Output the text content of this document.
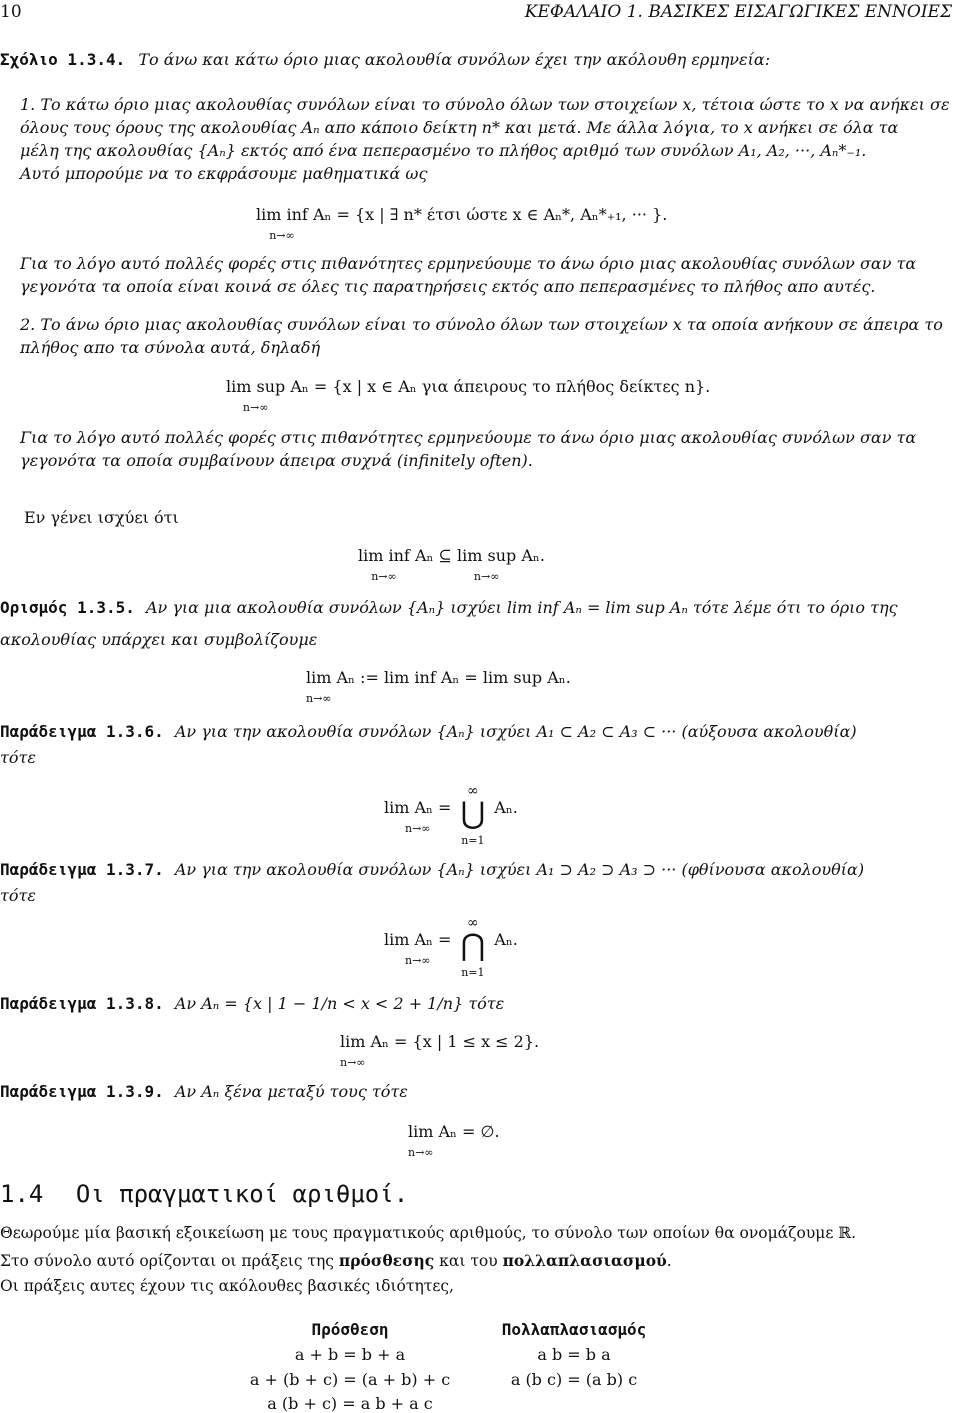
10	ΚΕΦΑΛΑΙΟ 1. ΒΑΣΙΚΕΣ ΕΙΣΑΓΩΓΙΚΕΣ ΕΝΝΟΙΕΣ
Σχόλιο 1.3.4. Το άνω και κάτω όριο μιας ακολουθία συνόλων έχει την ακόλουθη ερμηνεία:
1. Το κάτω όριο μιας ακολουθίας συνόλων είναι το σύνολο όλων των στοιχείων x, τέτοια ώστε το x να ανήκει σε
όλους τους όρους της ακολουθίας Aₙ απο κάποιο δείκτη n* και μετά. Με άλλα λόγια, το x ανήκει σε όλα τα
μέλη της ακολουθίας {Aₙ} εκτός από ένα πεπερασμένο το πλήθος αριθμό των συνόλων A₁, A₂, ···, Aₙ*₋₁.
Αυτό μπορούμε να το εκφράσουμε μαθηματικά ως
lim inf
n→∞ Aₙ = {x | ∃ n* έτσι ώστε x ∈ Aₙ*, Aₙ*₊₁, ··· }.
Για το λόγο αυτό πολλές φορές στις πιθανότητες ερμηνεύουμε το άνω όριο μιας ακολουθίας συνόλων σαν τα
γεγονότα τα οποία είναι κοινά σε όλες τις παρατηρήσεις εκτός απο πεπερασμένες το πλήθος απο αυτές.
2. Το άνω όριο μιας ακολουθίας συνόλων είναι το σύνολο όλων των στοιχείων x τα οποία ανήκουν σε άπειρα το
πλήθος απο τα σύνολα αυτά, δηλαδή
lim sup
n→∞ Aₙ = {x | x ∈ Aₙ για άπειρους το πλήθος δείκτες n}.
Για το λόγο αυτό πολλές φορές στις πιθανότητες ερμηνεύουμε το άνω όριο μιας ακολουθίας συνόλων σαν τα
γεγονότα τα οποία συμβαίνουν άπειρα συχνά (infinitely often).
Εν γένει ισχύει ότι
lim inf
n→∞ Aₙ ⊆ lim sup
n→∞ Aₙ.
Ορισμός 1.3.5. Αν για μια ακολουθία συνόλων {Aₙ} ισχύει lim inf Aₙ = lim sup Aₙ τότε λέμε ότι το όριο της
ακολουθίας υπάρχει και συμβολίζουμε
lim Aₙ := lim inf Aₙ = lim sup Aₙ.
n→∞
Παράδειγμα 1.3.6. Αν για την ακολουθία συνόλων {Aₙ} ισχύει A₁ ⊂ A₂ ⊂ A₃ ⊂ ··· (αύξουσα ακολουθία)
τότε
lim Aₙ =
n→∞ ∞
⋃
n=1 Aₙ.
Παράδειγμα 1.3.7. Αν για την ακολουθία συνόλων {Aₙ} ισχύει A₁ ⊃ A₂ ⊃ A₃ ⊃ ··· (φθίνουσα ακολουθία)
τότε
lim Aₙ =
n→∞ ∞
⋂
n=1 Aₙ.
Παράδειγμα 1.3.8. Αν Aₙ = {x | 1 − 1/n < x < 2 + 1/n} τότε
lim Aₙ = {x | 1 ≤ x ≤ 2}.
n→∞
Παράδειγμα 1.3.9. Αν Aₙ ξένα μεταξύ τους τότε
lim Aₙ = ∅.
n→∞
1.4 Οι πραγματικοί αριθμοί.
Θεωρούμε μία βασική εξοικείωση με τους πραγματικούς αριθμούς, το σύνολο των οποίων θα ονομάζουμε ℝ.
Στο σύνολο αυτό ορίζονται οι πράξεις της πρόσθεσης και του πολλαπλασιασμού.
Οι πράξεις αυτες έχουν τις ακόλουθες βασικές ιδιότητες,
Πρόσθεση	Πολλαπλασιασμός
a + b = b + a	a b = b a
a + (b + c) = (a + b) + c	a (b c) = (a b) c
a (b + c) = a b + a c
